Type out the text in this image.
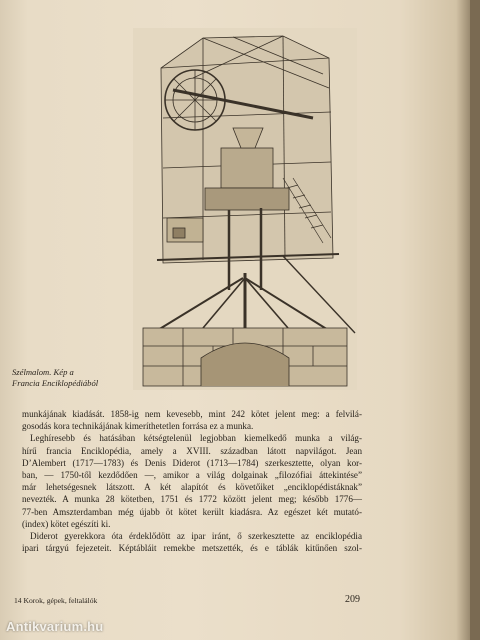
Szélmalom. Kép a
Francia Enciklopédiából
munkájának kiadását. 1858-ig nem kevesebb, mint 242 kötet jelent meg: a felvilá-
gosodás kora technikájának kimeríthetetlen forrása ez a munka.
Leghíresebb és hatásában kétségtelenül legjobban kiemelkedő munka a világ-
hírű francia Enciklopédia, amely a XVIII. században látott napvilágot. Jean
D’Alembert (1717—1783) és Denis Diderot (1713—1784) szerkesztette, olyan kor-
ban, — 1750-től kezdődően —, amikor a világ dolgainak „filozófiai áttekintése”
már lehetségesnek látszott. A két alapítót és követőiket „enciklopédistáknak”
nevezték. A munka 28 kötetben, 1751 és 1772 között jelent meg; később 1776—
77-ben Amszterdamban még újabb öt kötet került kiadásra. Az egészet két mutató-
(index) kötet egészíti ki.
Diderot gyerekkora óta érdeklődött az ipar iránt, ő szerkesztette az enciklopédia
ipari tárgyú fejezeteit. Képtábláit remekbe metszették, és e táblák kitűnően szol-
14 Korok, gépek, feltalálók	209
Antikvarium.hu
